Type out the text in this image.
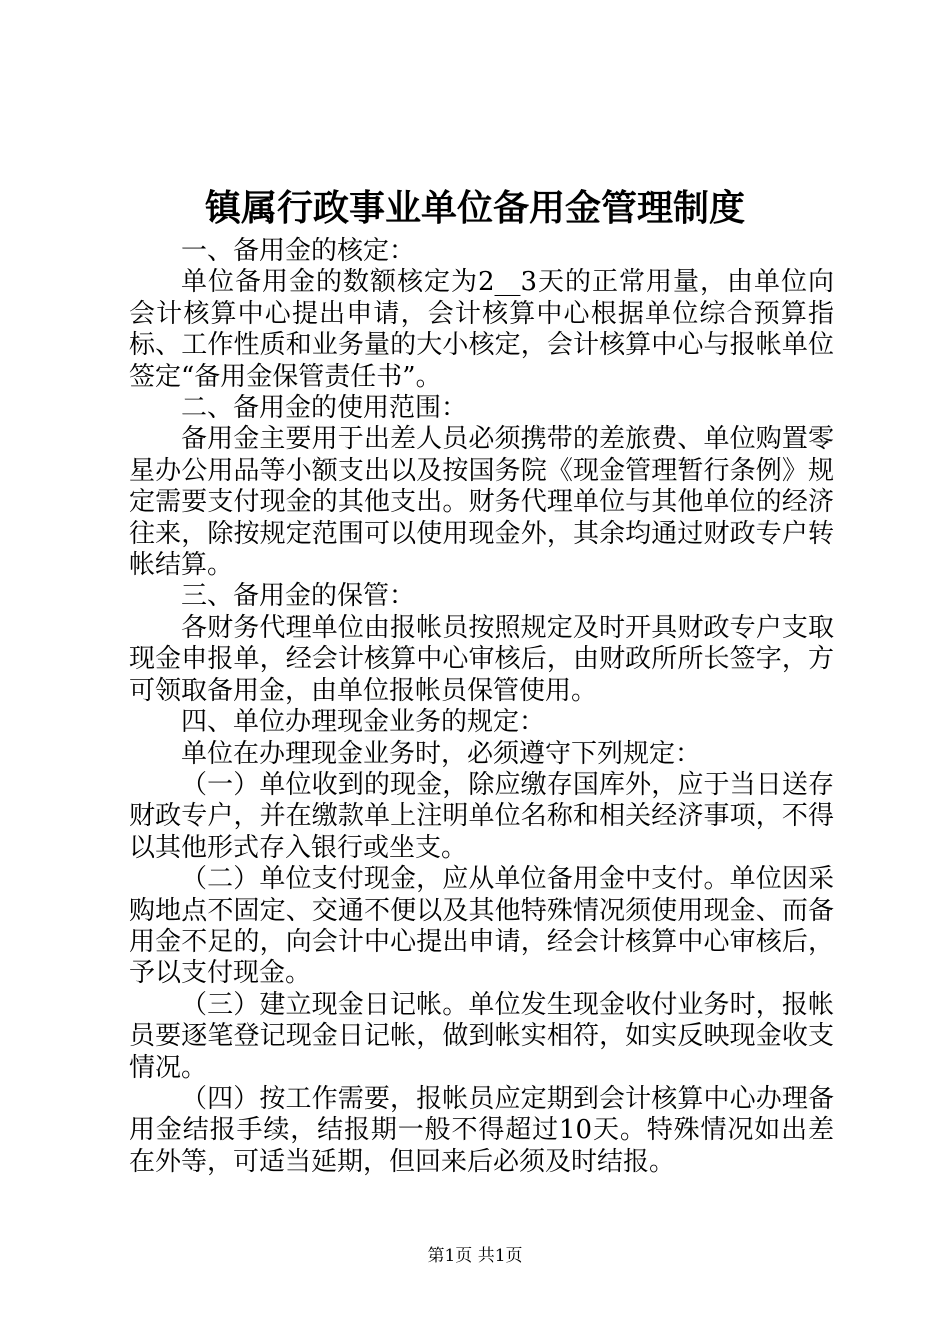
镇属行政事业单位备用金管理制度

一、备用金的核定：

单位备用金的数额核定为2__3天的正常用量，由单位向会计核算中心提出申请，会计核算中心根据单位综合预算指标、工作性质和业务量的大小核定，会计核算中心与报帐单位签定“备用金保管责任书”。

二、备用金的使用范围：

备用金主要用于出差人员必须携带的差旅费、单位购置零星办公用品等小额支出以及按国务院《现金管理暂行条例》规定需要支付现金的其他支出。财务代理单位与其他单位的经济往来，除按规定范围可以使用现金外，其余均通过财政专户转帐结算。

三、备用金的保管：

各财务代理单位由报帐员按照规定及时开具财政专户支取现金申报单，经会计核算中心审核后，由财政所所长签字，方可领取备用金，由单位报帐员保管使用。

四、单位办理现金业务的规定：

单位在办理现金业务时，必须遵守下列规定：

（一）单位收到的现金，除应缴存国库外，应于当日送存财政专户，并在缴款单上注明单位名称和相关经济事项，不得以其他形式存入银行或坐支。

（二）单位支付现金，应从单位备用金中支付。单位因采购地点不固定、交通不便以及其他特殊情况须使用现金、而备用金不足的，向会计中心提出申请，经会计核算中心审核后，予以支付现金。

（三）建立现金日记帐。单位发生现金收付业务时，报帐员要逐笔登记现金日记帐，做到帐实相符，如实反映现金收支情况。

（四）按工作需要，报帐员应定期到会计核算中心办理备用金结报手续，结报期一般不得超过10天。特殊情况如出差在外等，可适当延期，但回来后必须及时结报。

第1页 共1页
